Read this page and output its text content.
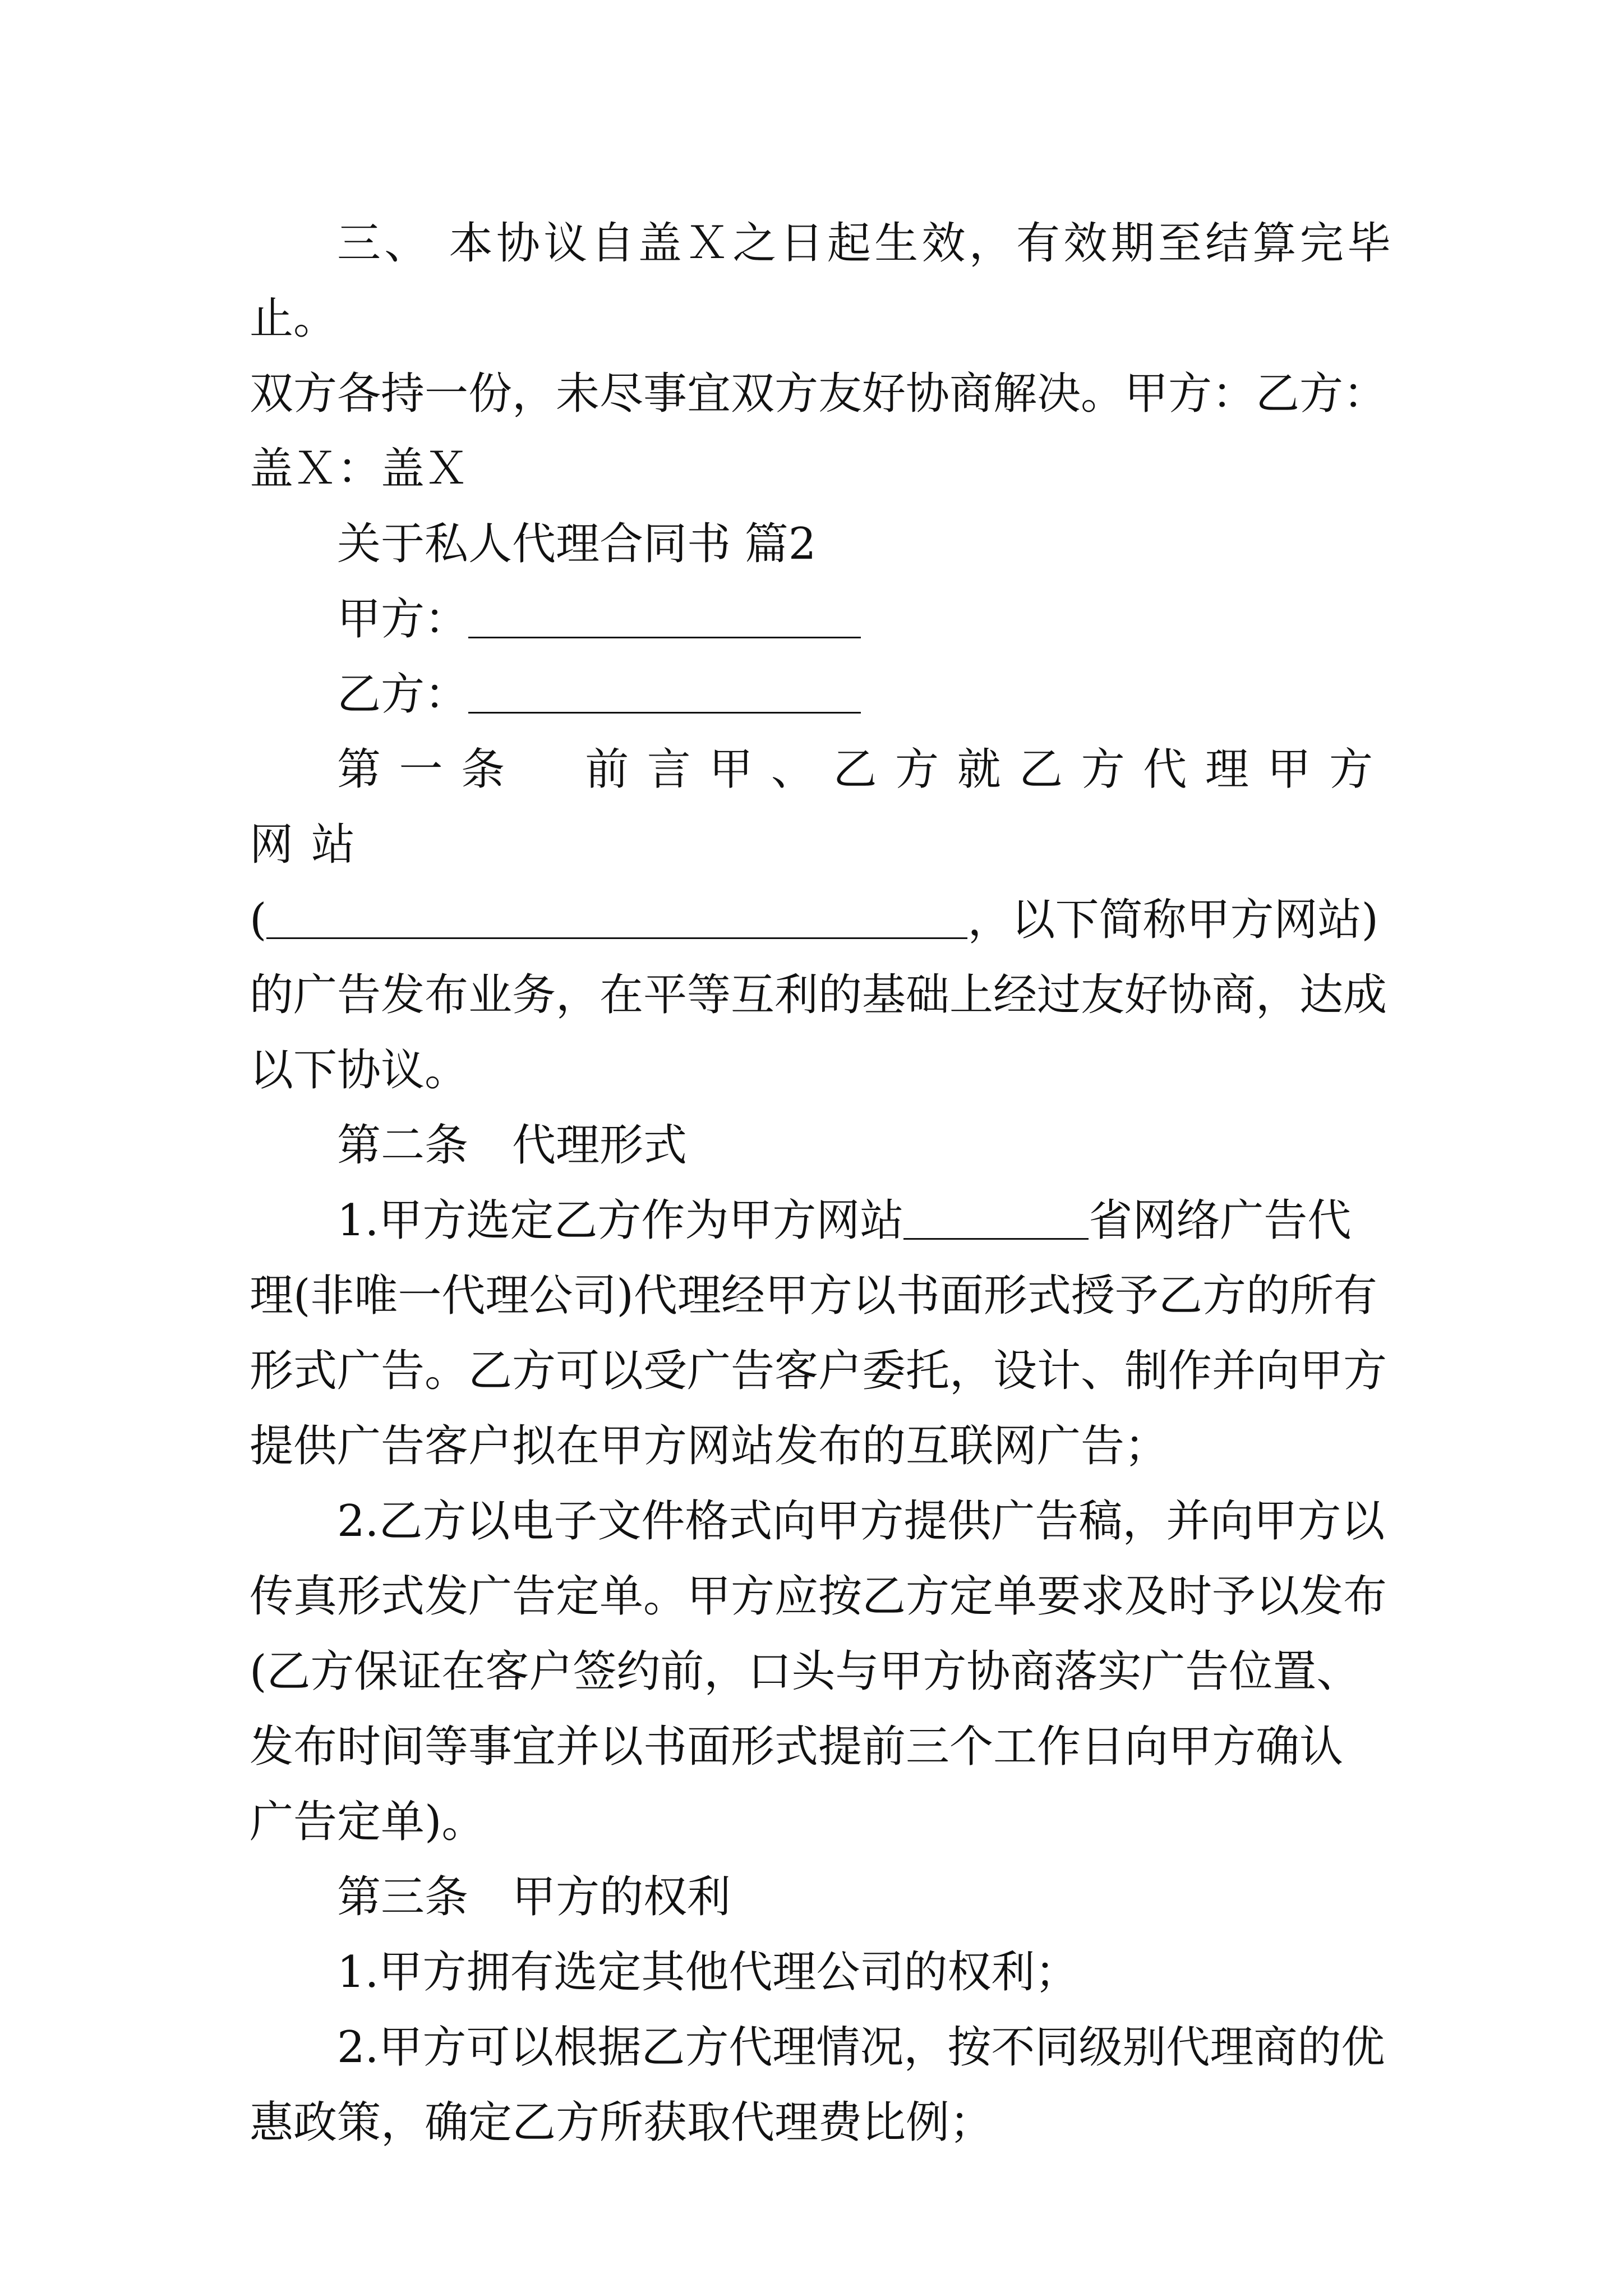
三、 本协议自盖Ｘ之日起生效，有效期至结算完毕止。

双方各持一份，未尽事宜双方友好协商解决。甲方：乙方：
盖Ｘ：盖Ｘ

关于私人代理合同书 篇2

甲方：

乙方：

第一条　前言甲、乙方就乙方代理甲方网站

(	，以下简称甲方网站)
的广告发布业务，在平等互利的基础上经过友好协商，达成
以下协议。

第二条　代理形式

1.甲方选定乙方作为甲方网站	省网络广告代

理(非唯一代理公司)代理经甲方以书面形式授予乙方的所有
形式广告。乙方可以受广告客户委托，设计、制作并向甲方
提供广告客户拟在甲方网站发布的互联网广告；

2.乙方以电子文件格式向甲方提供广告稿，并向甲方以

传真形式发广告定单。甲方应按乙方定单要求及时予以发布
(乙方保证在客户签约前，口头与甲方协商落实广告位置、
发布时间等事宜并以书面形式提前三个工作日向甲方确认
广告定单)。

第三条　甲方的权利

1.甲方拥有选定其他代理公司的权利；

2.甲方可以根据乙方代理情况，按不同级别代理商的优

惠政策，确定乙方所获取代理费比例；
